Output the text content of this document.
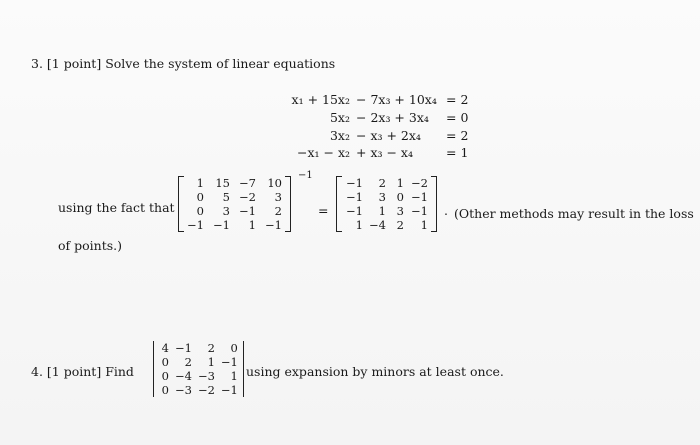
3. [1 point] Solve the system of linear equations
x₁ + 15x₂ − 7x₃ + 10x₄ = 2
5x₂ − 2x₃ + 3x₄ = 0
3x₂ − x₃ + 2x₄ = 2
−x₁ − x₂ + x₃ − x₄	= 1
using the fact that
1	15	−7	10
0	5	−2	3
0	3	−1	2
−1	−1	1	−1
−1
=
−1	2	1	−2
−1	3	0	−1
−1	1	3	−1
1	−4	2	1
. (Other methods may result in the loss
of points.)
4. [1 point] Find
4	−1	2	0
0	2	1	−1
0	−4	−3	1
0	−3	−2	−1
using expansion by minors at least once.
